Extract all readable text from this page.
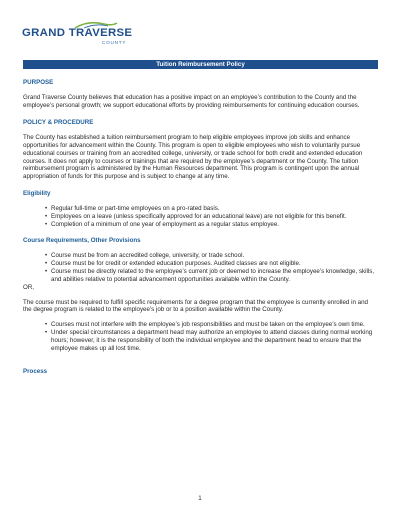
GRAND TRAVERSE
COUNTY
Tuition Reimbursement Policy

PURPOSE

Grand Traverse County believes that education has a positive impact on an employee’s contribution to the County and the employee’s personal growth; we support educational efforts by providing reimbursements for continuing education courses.

POLICY & PROCEDURE

The County has established a tuition reimbursement program to help eligible employees improve job skills and enhance opportunities for advancement within the County. This program is open to eligible employees who wish to voluntarily pursue educational courses or training from an accredited college, university, or trade school for both credit and extended education courses. It does not apply to courses or trainings that are required by the employee’s department or the County. The tuition reimbursement program is administered by the Human Resources department. This program is contingent upon the annual appropriation of funds for this purpose and is subject to change at any time.

Eligibility

• Regular full-time or part-time employees on a pro-rated basis.
• Employees on a leave (unless specifically approved for an educational leave) are not eligible for this benefit.
• Completion of a minimum of one year of employment as a regular status employee.

Course Requirements, Other Provisions

• Course must be from an accredited college, university, or trade school.
• Course must be for credit or extended education purposes. Audited classes are not eligible.
• Course must be directly related to the employee’s current job or deemed to increase the employee’s knowledge, skills, and abilities relative to potential advancement opportunities available within the County.

OR,

The course must be required to fulfill specific requirements for a degree program that the employee is currently enrolled in and the degree program is related to the employee’s job or to a position available within the County.

• Courses must not interfere with the employee’s job responsibilities and must be taken on the employee’s own time.
• Under special circumstances a department head may authorize an employee to attend classes during normal working hours; however, it is the responsibility of both the individual employee and the department head to ensure that the employee makes up all lost time.

Process

1
